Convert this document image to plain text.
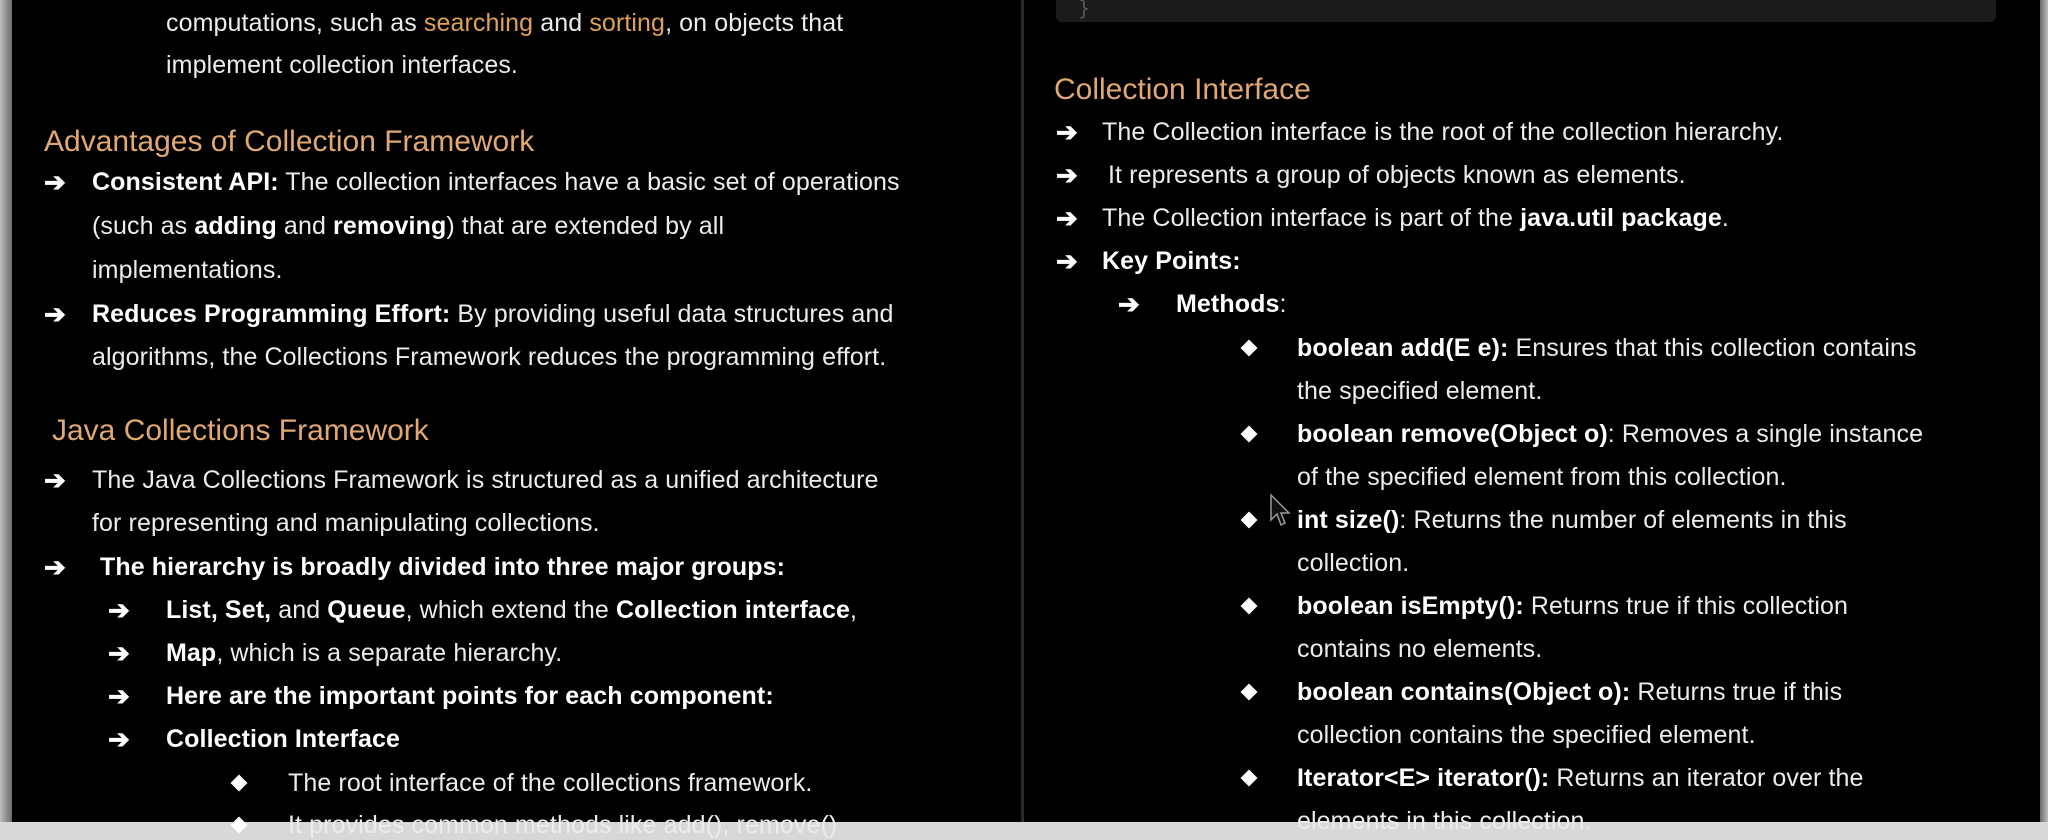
computations, such as searching and sorting, on objects that
implement collection interfaces.
Advantages of Collection Framework
➔ Consistent API: The collection interfaces have a basic set of operations
(such as adding and removing) that are extended by all
implementations.
➔ Reduces Programming Effort: By providing useful data structures and
algorithms, the Collections Framework reduces the programming effort.
Java Collections Framework
➔ The Java Collections Framework is structured as a unified architecture
for representing and manipulating collections.
➔ The hierarchy is broadly divided into three major groups:
➔ List, Set, and Queue, which extend the Collection interface,
➔ Map, which is a separate hierarchy.
➔ Here are the important points for each component:
➔ Collection Interface
The root interface of the collections framework.
It provides common methods like add(), remove()
}
Collection Interface
➔ The Collection interface is the root of the collection hierarchy.
➔ It represents a group of objects known as elements.
➔ The Collection interface is part of the java.util package.
➔ Key Points:
➔ Methods:
boolean add(E e): Ensures that this collection contains
the specified element.
boolean remove(Object o): Removes a single instance
of the specified element from this collection.
int size(): Returns the number of elements in this
collection.
boolean isEmpty(): Returns true if this collection
contains no elements.
boolean contains(Object o): Returns true if this
collection contains the specified element.
Iterator<E> iterator(): Returns an iterator over the
elements in this collection.
